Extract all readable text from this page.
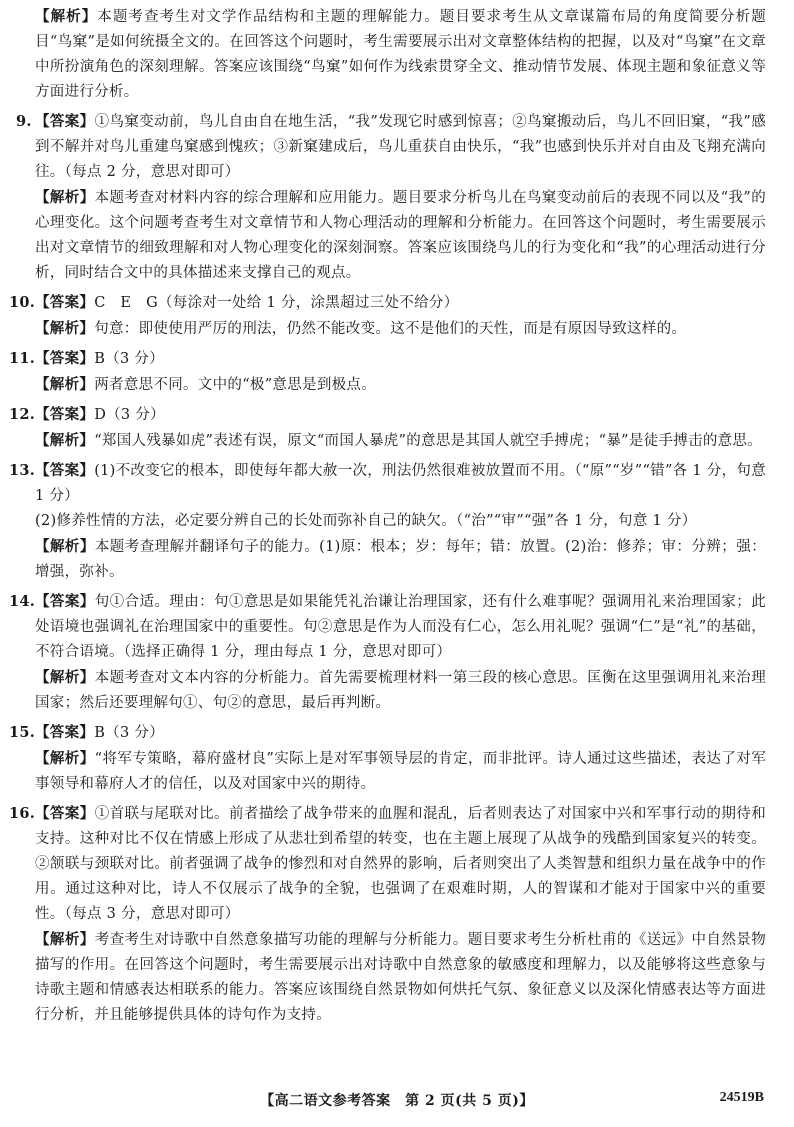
【解析】本题考查考生对文学作品结构和主题的理解能力。题目要求考生从文章谋篇布局的角度简要分析题目“鸟窠”是如何统摄全文的。在回答这个问题时，考生需要展示出对文章整体结构的把握，以及对“鸟窠”在文章中所扮演角色的深刻理解。答案应该围绕“鸟窠”如何作为线索贯穿全文、推动情节发展、体现主题和象征意义等方面进行分析。
9. 【答案】①鸟窠变动前，鸟儿自由自在地生活，“我”发现它时感到惊喜；②鸟窠搬动后，鸟儿不回旧窠，“我”感到不解并对鸟儿重建鸟窠感到愧疚；③新窠建成后，鸟儿重获自由快乐，“我”也感到快乐并对自由及飞翔充满向往。（每点 2 分，意思对即可）
【解析】本题考查对材料内容的综合理解和应用能力。题目要求分析鸟儿在鸟窠变动前后的表现不同以及“我”的心理变化。这个问题考查考生对文章情节和人物心理活动的理解和分析能力。在回答这个问题时，考生需要展示出对文章情节的细致理解和对人物心理变化的深刻洞察。答案应该围绕鸟儿的行为变化和“我”的心理活动进行分析，同时结合文中的具体描述来支撑自己的观点。
10. 【答案】C　E　G（每涂对一处给 1 分，涂黑超过三处不给分）
【解析】句意：即使使用严厉的刑法，仍然不能改变。这不是他们的天性，而是有原因导致这样的。
11. 【答案】B（3 分）
【解析】两者意思不同。文中的“极”意思是到极点。
12. 【答案】D（3 分）
【解析】“郑国人残暴如虎”表述有误，原文“而国人暴虎”的意思是其国人就空手搏虎；“暴”是徒手搏击的意思。
13. 【答案】(1)不改变它的根本，即使每年都大赦一次，刑法仍然很难被放置而不用。（“原”“岁”“错”各 1 分，句意 1 分）
(2)修养性情的方法，必定要分辨自己的长处而弥补自己的缺欠。（“治”“审”“强”各 1 分，句意 1 分）
【解析】本题考查理解并翻译句子的能力。(1)原：根本；岁：每年；错：放置。(2)治：修养；审：分辨；强：增强，弥补。
14. 【答案】句①合适。理由：句①意思是如果能凭礼治谦让治理国家，还有什么难事呢？强调用礼来治理国家；此处语境也强调礼在治理国家中的重要性。句②意思是作为人而没有仁心，怎么用礼呢？强调“仁”是“礼”的基础，不符合语境。（选择正确得 1 分，理由每点 1 分，意思对即可）
【解析】本题考查对文本内容的分析能力。首先需要梳理材料一第三段的核心意思。匡衡在这里强调用礼来治理国家；然后还要理解句①、句②的意思，最后再判断。
15. 【答案】B（3 分）
【解析】“将军专策略，幕府盛材良”实际上是对军事领导层的肯定，而非批评。诗人通过这些描述，表达了对军事领导和幕府人才的信任，以及对国家中兴的期待。
16. 【答案】①首联与尾联对比。前者描绘了战争带来的血腥和混乱，后者则表达了对国家中兴和军事行动的期待和支持。这种对比不仅在情感上形成了从悲壮到希望的转变，也在主题上展现了从战争的残酷到国家复兴的转变。②颔联与颈联对比。前者强调了战争的惨烈和对自然界的影响，后者则突出了人类智慧和组织力量在战争中的作用。通过这种对比，诗人不仅展示了战争的全貌，也强调了在艰难时期，人的智谋和才能对于国家中兴的重要性。（每点 3 分，意思对即可）
【解析】考查考生对诗歌中自然意象描写功能的理解与分析能力。题目要求考生分析杜甫的《送远》中自然景物描写的作用。在回答这个问题时，考生需要展示出对诗歌中自然意象的敏感度和理解力，以及能够将这些意象与诗歌主题和情感表达相联系的能力。答案应该围绕自然景物如何烘托气氛、象征意义以及深化情感表达等方面进行分析，并且能够提供具体的诗句作为支持。
【高二语文参考答案　第 2 页(共 5 页)】	24519B
